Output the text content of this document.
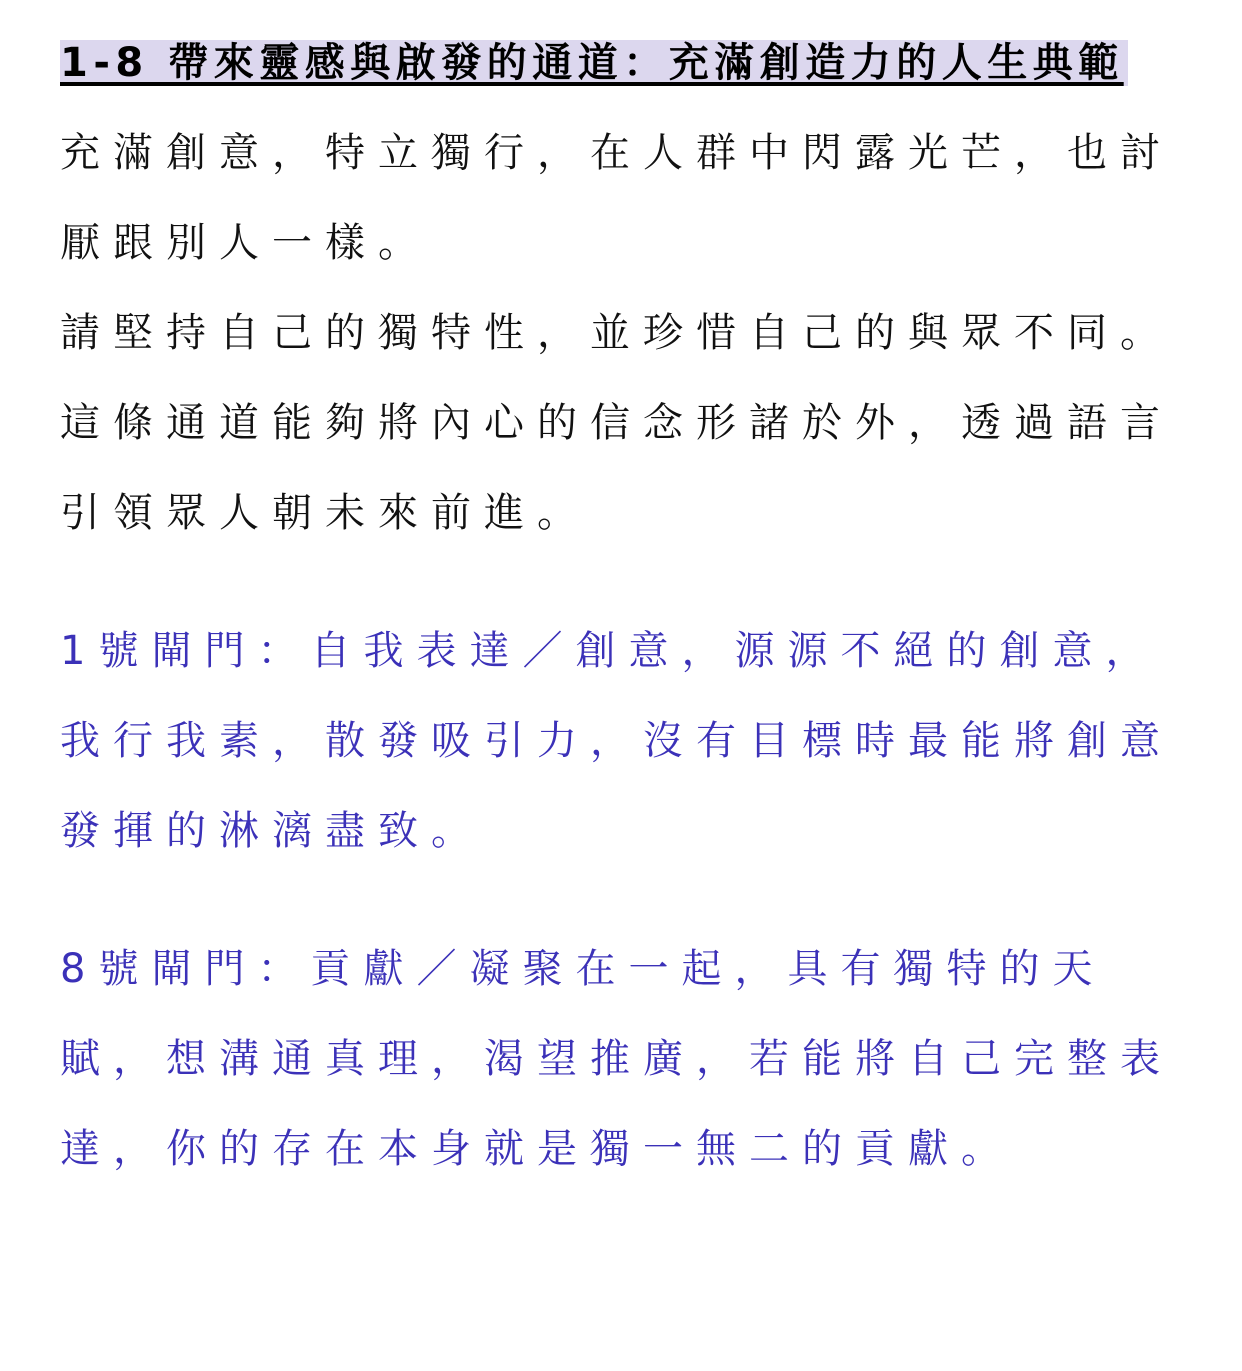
1-8 帶來靈感與啟發的通道：充滿創造力的人生典範

充滿創意，特立獨行，在人群中閃露光芒，也討厭跟別人一樣。

請堅持自己的獨特性，並珍惜自己的與眾不同。

這條通道能夠將內心的信念形諸於外，透過語言引領眾人朝未來前進。

1號閘門：自我表達／創意，源源不絕的創意，我行我素，散發吸引力，沒有目標時最能將創意發揮的淋漓盡致。

8號閘門：貢獻／凝聚在一起，具有獨特的天賦，想溝通真理，渴望推廣，若能將自己完整表達，你的存在本身就是獨一無二的貢獻。
